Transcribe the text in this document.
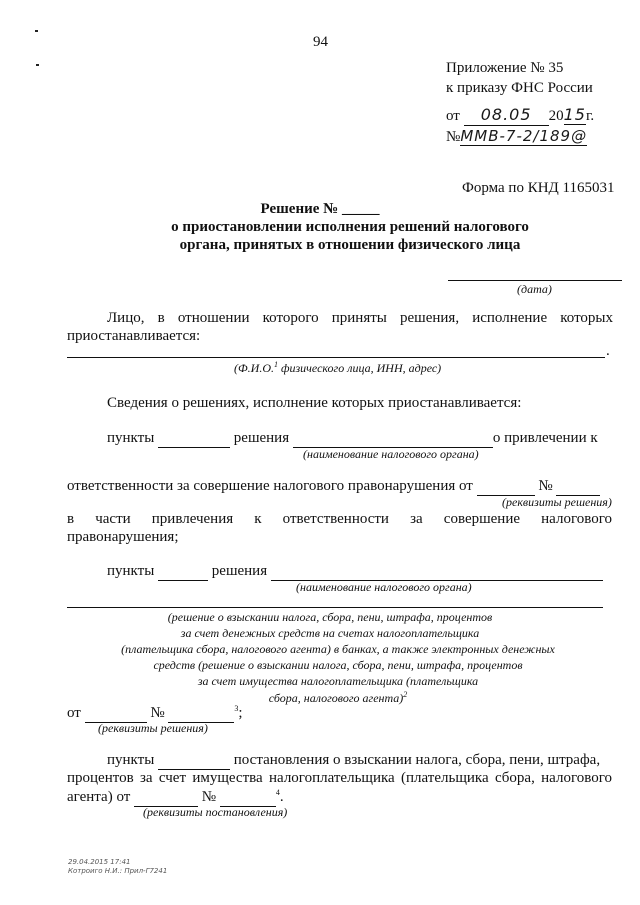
94
Приложение № 35
к приказу ФНС России
от 08.05 2015г.
№ММВ-7-2/189@
Форма по КНД 1165031
Решение № _____
о приостановлении исполнения решений налогового
органа, принятых в отношении физического лица
(дата)
Лицо, в отношении которого приняты решения, исполнение которых
приостанавливается:
.
(Ф.И.О.$^1$ физического лица, ИНН, адрес)
Сведения о решениях, исполнение которых приостанавливается:
пункты	решения	о привлечении к
(наименование налогового органа)
ответственности за совершение налогового правонарушения от	№
(реквизиты решения)
в части привлечения к ответственности за совершение налогового
правонарушения;
пункты	решения
(наименование налогового органа)
(решение о взыскании налога, сбора, пени, штрафа, процентов
за счет денежных средств на счетах налогоплательщика
(плательщика сбора, налогового агента) в банках, а также электронных денежных
средств (решение о взыскании налога, сбора, пени, штрафа, процентов
за счет имущества налогоплательщика (плательщика
сбора, налогового агента)$^2$
от	№	$^3$;
(реквизиты решения)
пункты	постановления о взыскании налога, сбора, пени, штрафа,
процентов за счет имущества налогоплательщика (плательщика сбора, налогового
агента) от	№	$^4$.
(реквизиты постановления)
29.04.2015 17:41
Котроиго Н.И.: Прил-Г7241
